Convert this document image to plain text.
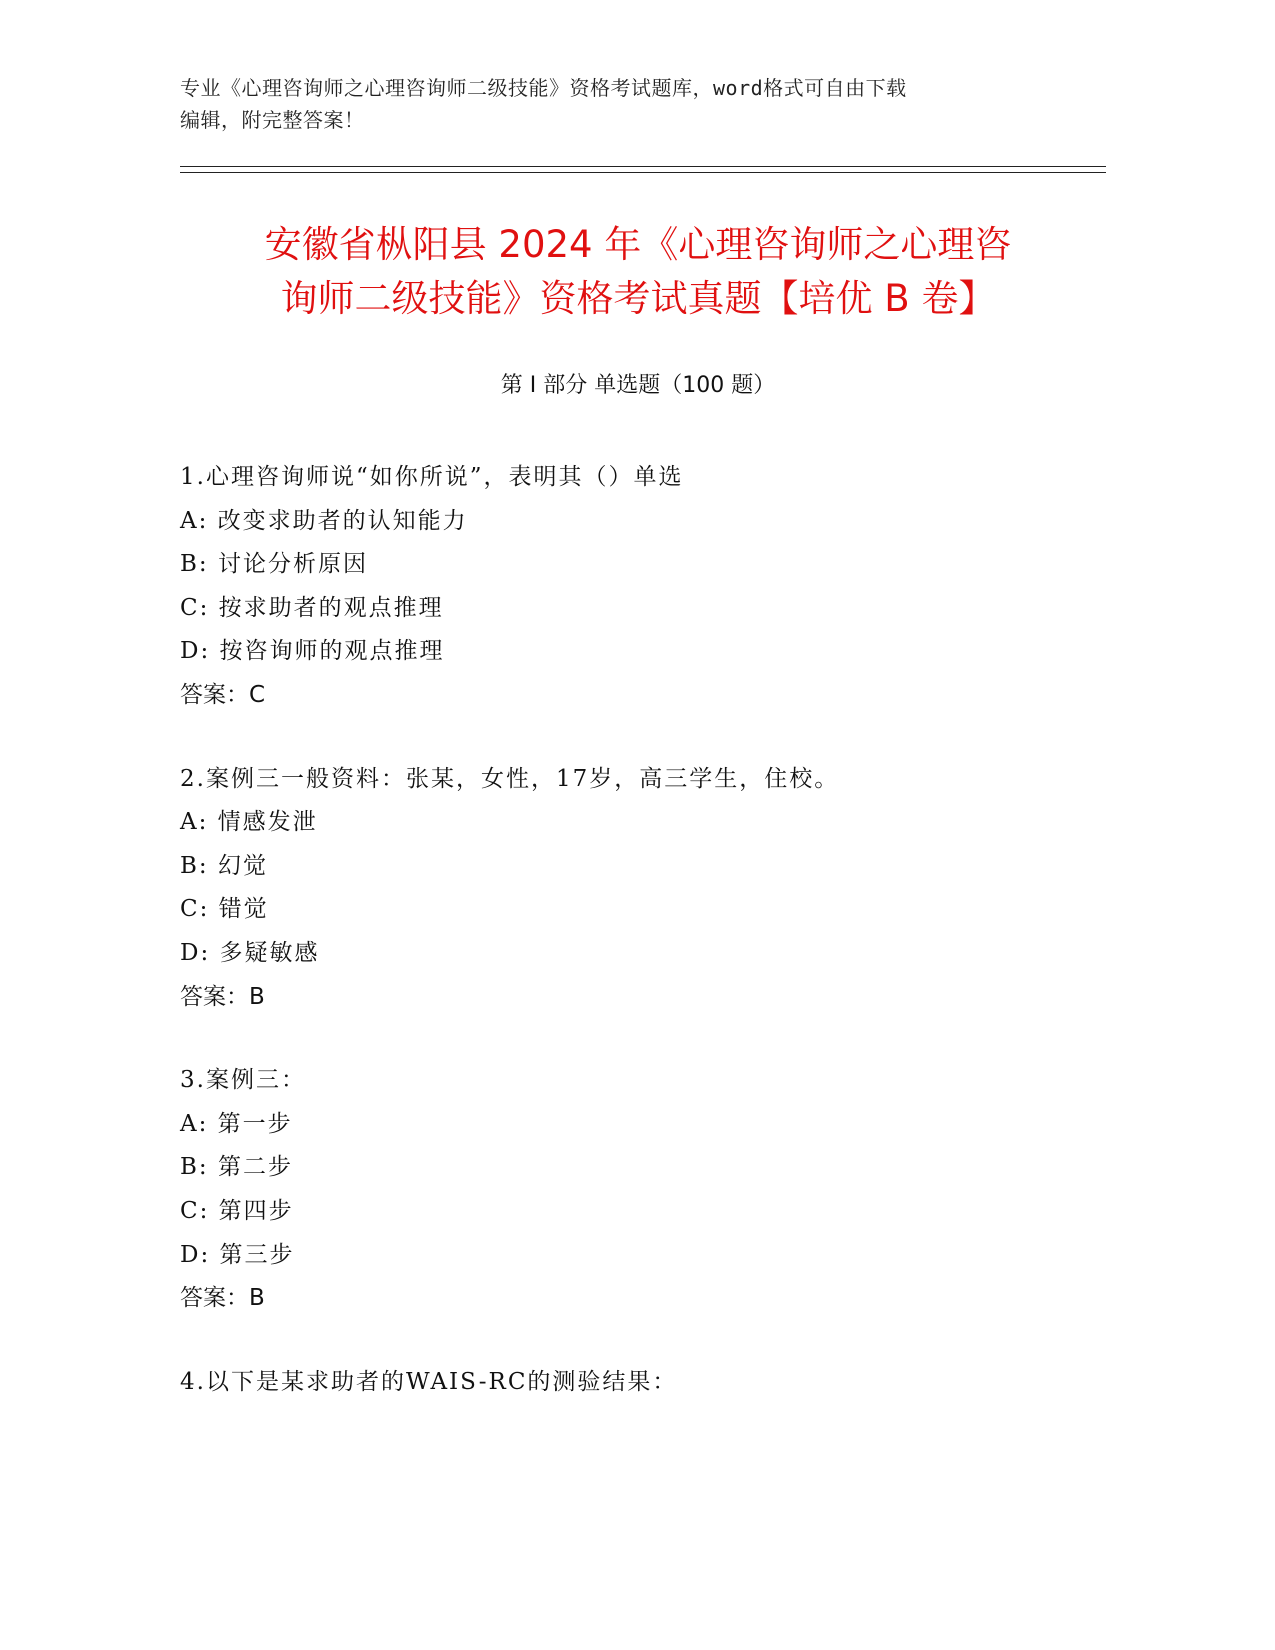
专业《心理咨询师之心理咨询师二级技能》资格考试题库，word格式可自由下载
编辑，附完整答案！
安徽省枞阳县 2024 年《心理咨询师之心理咨
询师二级技能》资格考试真题【培优 B 卷】
第 I 部分 单选题（100 题）
1.心理咨询师说“如你所说”，表明其（）单选
A: 改变求助者的认知能力
B: 讨论分析原因
C: 按求助者的观点推理
D: 按咨询师的观点推理
答案：C
2.案例三一般资料：张某，女性，17岁，高三学生，住校。
A: 情感发泄
B: 幻觉
C: 错觉
D: 多疑敏感
答案：B
3.案例三：
A: 第一步
B: 第二步
C: 第四步
D: 第三步
答案：B
4.以下是某求助者的WAIS-RC的测验结果：
